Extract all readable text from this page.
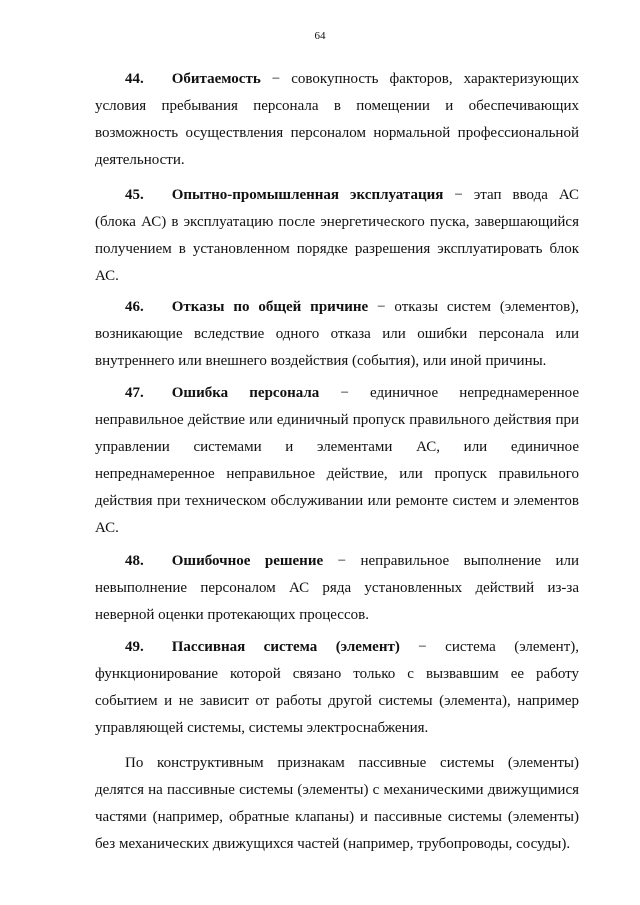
64

44. Обитаемость − совокупность факторов, характеризующих условия пребывания персонала в помещении и обеспечивающих возможность осуществления персоналом нормальной профессиональной деятельности.

45. Опытно-промышленная эксплуатация − этап ввода АС (блока АС) в эксплуатацию после энергетического пуска, завершающийся получением в установленном порядке разрешения эксплуатировать блок АС.

46. Отказы по общей причине − отказы систем (элементов), возникающие вследствие одного отказа или ошибки персонала или внутреннего или внешнего воздействия (события), или иной причины.

47. Ошибка персонала − единичное непреднамеренное неправильное действие или единичный пропуск правильного действия при управлении системами и элементами АС, или единичное непреднамеренное неправильное действие, или пропуск правильного действия при техническом обслуживании или ремонте систем и элементов АС.

48. Ошибочное решение − неправильное выполнение или невыполнение персоналом АС ряда установленных действий из-за неверной оценки протекающих процессов.

49. Пассивная система (элемент) − система (элемент), функционирование которой связано только с вызвавшим ее работу событием и не зависит от работы другой системы (элемента), например управляющей системы, системы электроснабжения.

По конструктивным признакам пассивные системы (элементы) делятся на пассивные системы (элементы) с механическими движущимися частями (например, обратные клапаны) и пассивные системы (элементы) без механических движущихся частей (например, трубопроводы, сосуды).
